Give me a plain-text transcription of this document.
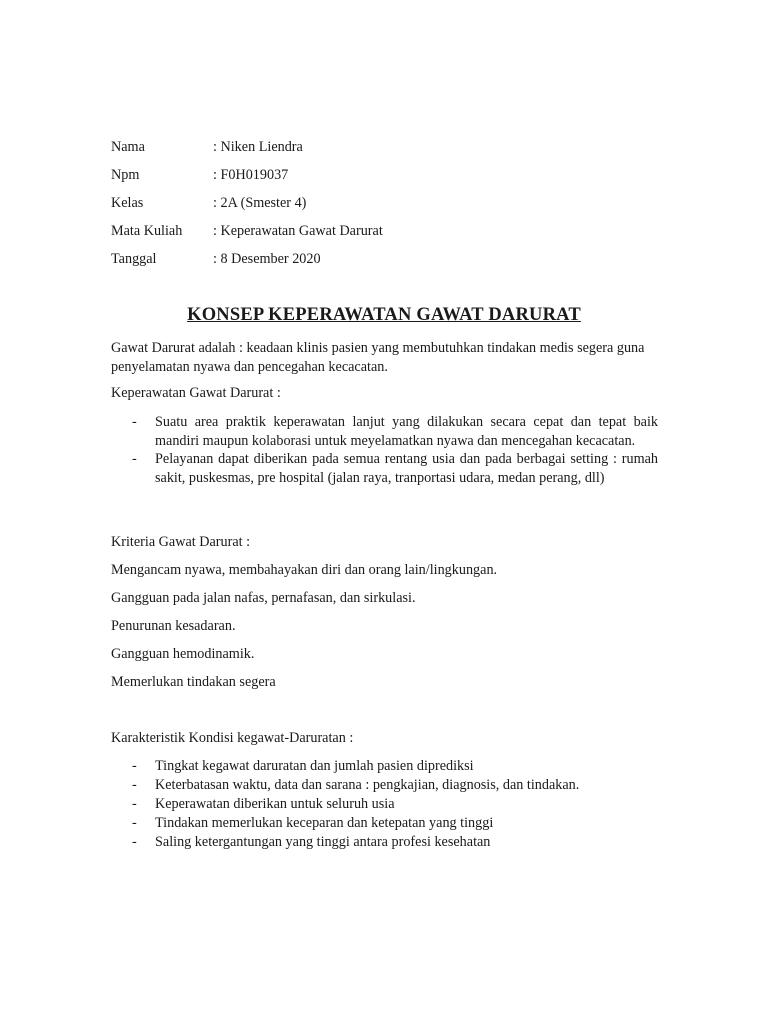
Nama	: Niken Liendra
Npm	: F0H019037
Kelas	: 2A (Smester 4)
Mata Kuliah : Keperawatan Gawat Darurat
Tanggal	: 8 Desember 2020
KONSEP KEPERAWATAN GAWAT DARURAT

Gawat Darurat adalah : keadaan klinis pasien yang membutuhkan tindakan medis segera guna penyelamatan nyawa dan pencegahan kecacatan.

Keperawatan Gawat Darurat :
- Suatu area praktik keperawatan lanjut yang dilakukan secara cepat dan tepat baik mandiri maupun kolaborasi untuk meyelamatkan nyawa dan mencegahan kecacatan.
- Pelayanan dapat diberikan pada semua rentang usia dan pada berbagai setting : rumah sakit, puskesmas, pre hospital (jalan raya, tranportasi udara, medan perang, dll)
Kriteria Gawat Darurat :
Mengancam nyawa, membahayakan diri dan orang lain/lingkungan.
Gangguan pada jalan nafas, pernafasan, dan sirkulasi.
Penurunan kesadaran.
Gangguan hemodinamik.
Memerlukan tindakan segera
Karakteristik Kondisi kegawat-Daruratan :
- Tingkat kegawat daruratan dan jumlah pasien diprediksi
- Keterbatasan waktu, data dan sarana : pengkajian, diagnosis, dan tindakan.
- Keperawatan diberikan untuk seluruh usia
- Tindakan memerlukan keceparan dan ketepatan yang tinggi
- Saling ketergantungan yang tinggi antara profesi kesehatan
